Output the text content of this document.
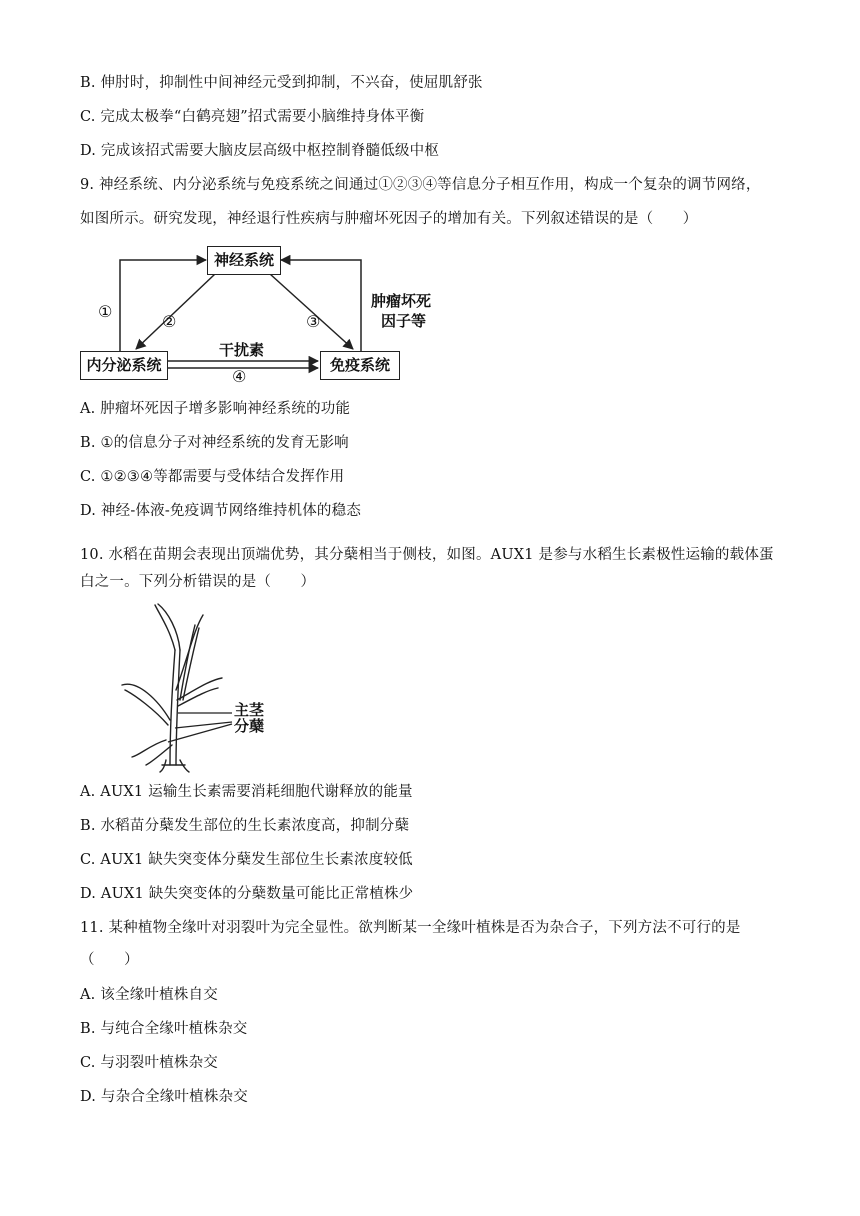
B. 伸肘时，抑制性中间神经元受到抑制，不兴奋，使屈肌舒张
C. 完成太极拳“白鹤亮翅”招式需要小脑维持身体平衡
D. 完成该招式需要大脑皮层高级中枢控制脊髓低级中枢
9. 神经系统、内分泌系统与免疫系统之间通过①②③④等信息分子相互作用，构成一个复杂的调节网络，
如图所示。研究发现，神经退行性疾病与肿瘤坏死因子的增加有关。下列叙述错误的是（　　）
神经系统
内分泌系统	免疫系统
①
②	③
④
干扰素
肿瘤坏死
因子等
A. 肿瘤坏死因子增多影响神经系统的功能
B. ①的信息分子对神经系统的发育无影响
C. ①②③④等都需要与受体结合发挥作用
D. 神经-体液-免疫调节网络维持机体的稳态
10. 水稻在苗期会表现出顶端优势，其分蘖相当于侧枝，如图。AUX1 是参与水稻生长素极性运输的载体蛋
白之一。下列分析错误的是（　　）
主茎
分蘖
A. AUX1 运输生长素需要消耗细胞代谢释放的能量
B. 水稻苗分蘖发生部位的生长素浓度高，抑制分蘖
C. AUX1 缺失突变体分蘖发生部位生长素浓度较低
D. AUX1 缺失突变体的分蘖数量可能比正常植株少
11. 某种植物全缘叶对羽裂叶为完全显性。欲判断某一全缘叶植株是否为杂合子，下列方法不可行的是
（　　）
A. 该全缘叶植株自交
B. 与纯合全缘叶植株杂交
C. 与羽裂叶植株杂交
D. 与杂合全缘叶植株杂交
